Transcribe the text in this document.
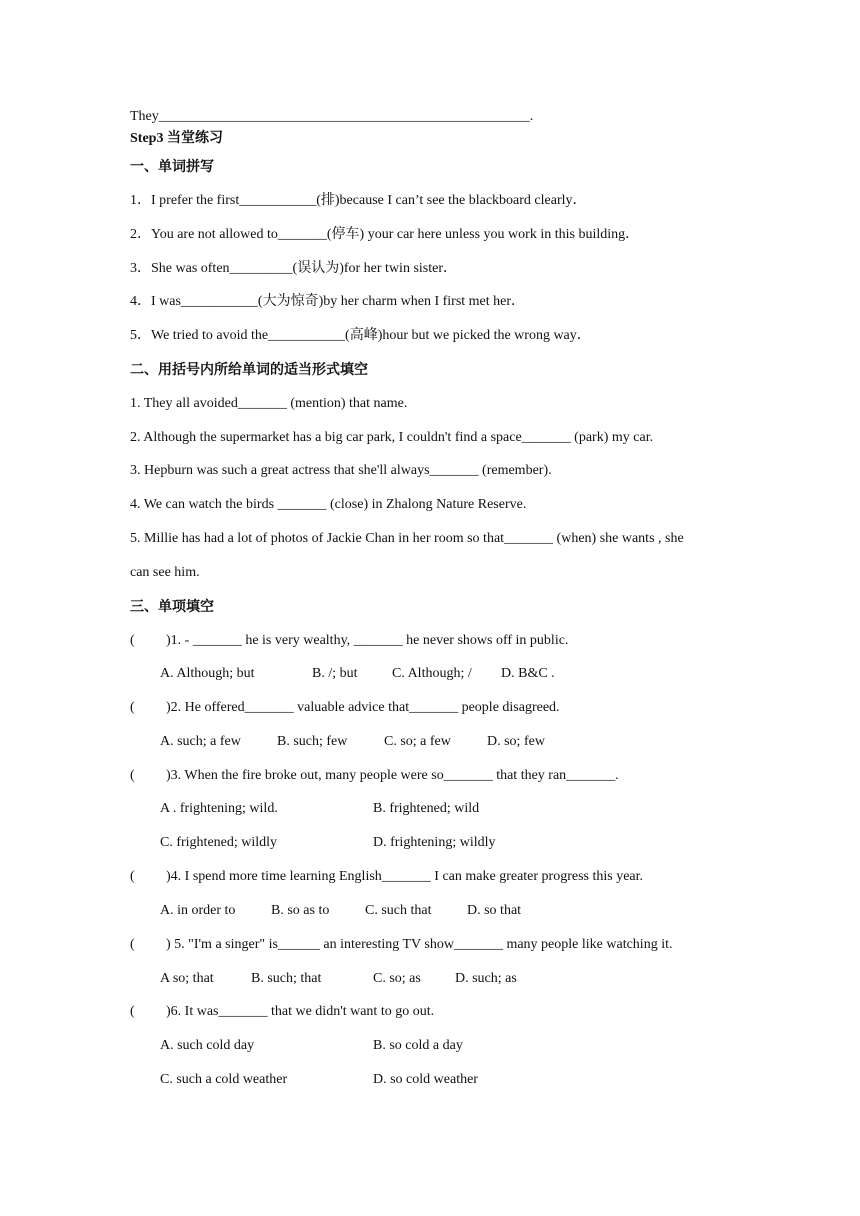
They_____________________________________________________.
Step3 当堂练习
一、单词拼写
1．I prefer the first___________(排)because I can’t see the blackboard clearly．
2．You are not allowed to_______(停车) your car here unless you work in this building．
3．She was often_________(误认为)for her twin sister．
4．I was___________(大为惊奇)by her charm when I first met her．
5．We tried to avoid the___________(高峰)hour but we picked the wrong way．
二、用括号内所给单词的适当形式填空
1. They all avoided_______ (mention) that name.
2. Although the supermarket has a big car park, I couldn't find a space_______ (park) my car.
3. Hepburn was such a great actress that she'll always_______ (remember).
4. We can watch the birds _______ (close) in Zhalong Nature Reserve.
5. Millie has had a lot of photos of Jackie Chan in her room so that_______ (when) she wants , she
can see him.
三、单项填空
( )1. - _______ he is very wealthy, _______ he never shows off in public.
A. Although; but	B. /; but C. Although; / D. B&C .
( )2. He offered_______ valuable advice that_______ people disagreed.
A. such; a few	B. such; few	C. so; a few	D. so; few
( )3. When the fire broke out, many people were so_______ that they ran_______.
A . frightening; wild.	B. frightened; wild
C. frightened; wildly	D. frightening; wildly
( )4. I spend more time learning English_______ I can make greater progress this year.
A. in order to	B. so as to	C. such that	D. so that
( ) 5. "I'm a singer" is______ an interesting TV show_______ many people like watching it.
A so; that	B. such; that	C. so; as D. such; as
( )6. It was_______ that we didn't want to go out.
A. such cold day	B. so cold a day
C. such a cold weather	D. so cold weather
